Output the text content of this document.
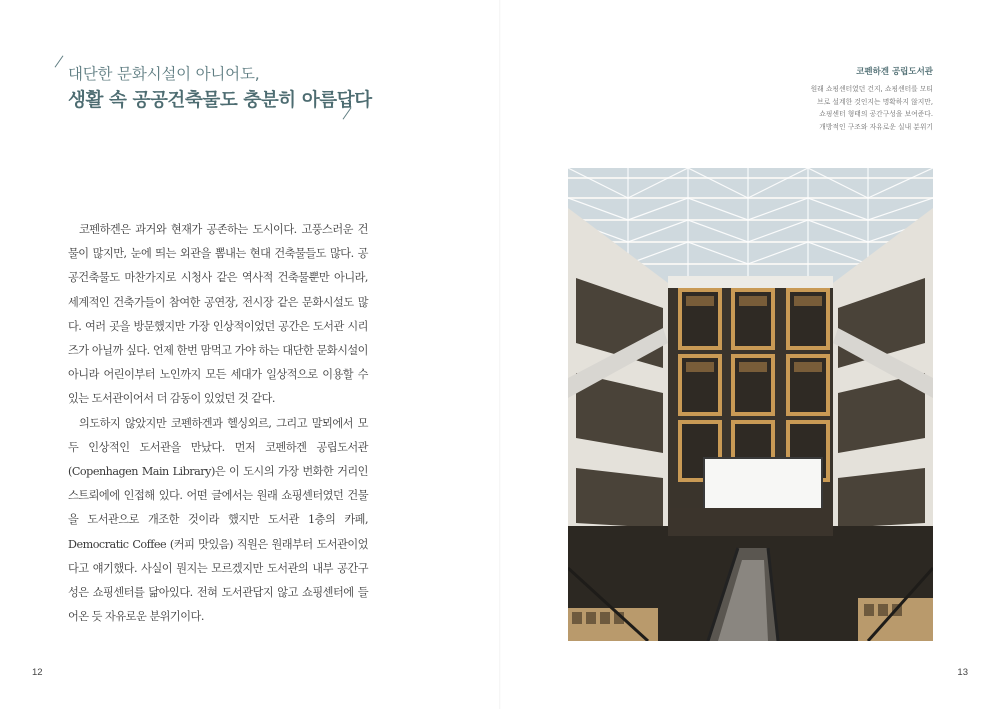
대단한 문화시설이 아니어도,
생활 속 공공건축물도 충분히 아름답다

코펜하겐은 과거와 현재가 공존하는 도시이다. 고풍스러운 건물이 많지만, 눈에 띄는 외관을 뽐내는 현대 건축물들도 많다. 공공건축물도 마찬가지로 시청사 같은 역사적 건축물뿐만 아니라, 세계적인 건축가들이 참여한 공연장, 전시장 같은 문화시설도 많다. 여러 곳을 방문했지만 가장 인상적이었던 공간은 도서관 시리즈가 아닐까 싶다. 언제 한번 맘먹고 가야 하는 대단한 문화시설이 아니라 어린이부터 노인까지 모든 세대가 일상적으로 이용할 수 있는 도서관이어서 더 감동이 있었던 것 같다.

의도하지 않았지만 코펜하겐과 헬싱외르, 그리고 말뫼에서 모두 인상적인 도서관을 만났다. 먼저 코펜하겐 공립도서관(Copenhagen Main Library)은 이 도시의 가장 번화한 거리인 스트뢰에에 인접해 있다. 어떤 글에서는 원래 쇼핑센터였던 건물을 도서관으로 개조한 것이라 했지만 도서관 1층의 카페, Democratic Coffee (커피 맛있음) 직원은 원래부터 도서관이었다고 얘기했다. 사실이 뭔지는 모르겠지만 도서관의 내부 공간구성은 쇼핑센터를 닮아있다. 전혀 도서관답지 않고 쇼핑센터에 들어온 듯 자유로운 분위기이다.

12
코펜하겐 공립도서관
원래 쇼핑센터였던 건지, 쇼핑센터를 모티
브로 설계한 것인지는 명확하지 않지만,
쇼핑센터 형태의 공간구성을 보여준다.
개방적인 구조와 자유로운 실내 분위기
13
